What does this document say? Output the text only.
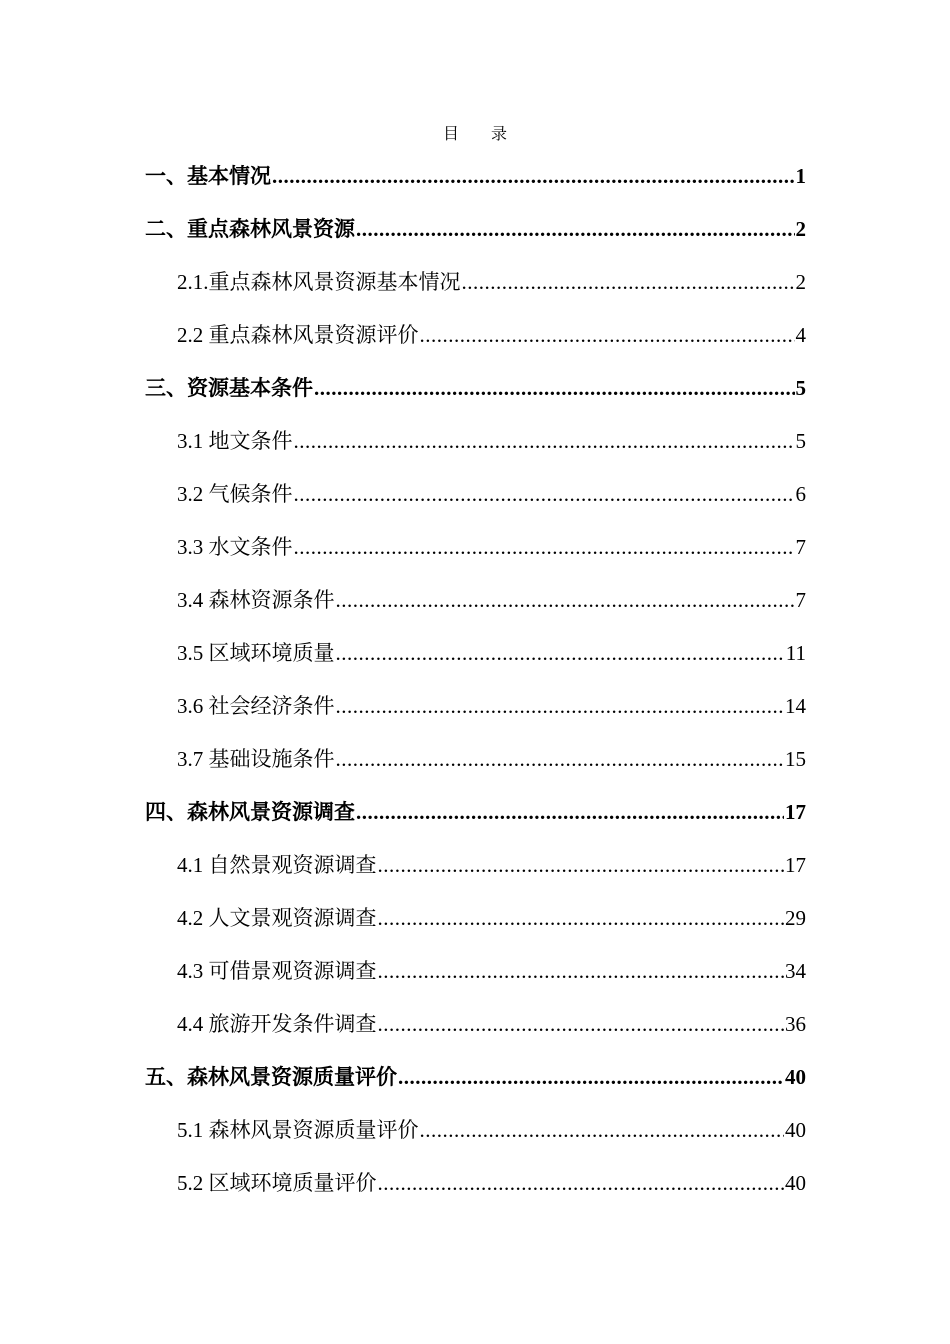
目 录
一、基本情况 .....	1
二、重点森林风景资源 .....	2
2.1.重点森林风景资源基本情况 .....	2
2.2 重点森林风景资源评价 .....	4
三、资源基本条件 .....	5
3.1 地文条件 .....	5
3.2 气候条件 .....	6
3.3 水文条件 .....	7
3.4 森林资源条件 .....	7
3.5 区域环境质量 .....	11
3.6 社会经济条件 .....	14
3.7 基础设施条件 .....	15
四、森林风景资源调查 .....	17
4.1 自然景观资源调查 .....	17
4.2 人文景观资源调查 .....	29
4.3 可借景观资源调查 .....	34
4.4 旅游开发条件调查 .....	36
五、森林风景资源质量评价 .....	40
5.1 森林风景资源质量评价 .....	40
5.2 区域环境质量评价 .....	40
